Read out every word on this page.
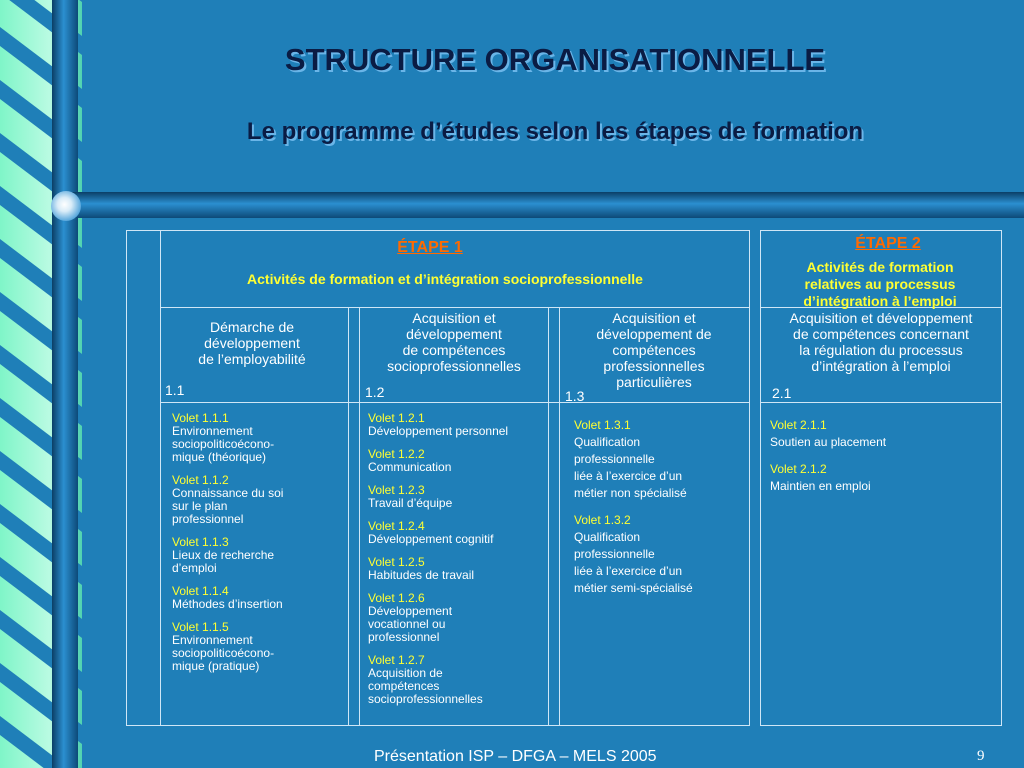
STRUCTURE ORGANISATIONNELLE
Le programme d’études selon les étapes de formation
ÉTAPE 1
Activités de formation et d’intégration socioprofessionnelle
Démarche de
développement
de l’employabilité
1.1
Acquisition et
développement
de compétences
socioprofessionnelles
1.2
Acquisition et
développement de
compétences
professionnelles
particulières
1.3
Volet 1.1.1
Environnement
sociopoliticoécono-
mique (théorique)
Volet 1.1.2
Connaissance du soi
sur le plan
professionnel
Volet 1.1.3
Lieux de recherche
d’emploi
Volet 1.1.4
Méthodes d’insertion
Volet 1.1.5
Environnement
sociopoliticoécono-
mique (pratique)
Volet 1.2.1
Développement personnel
Volet 1.2.2
Communication
Volet 1.2.3
Travail d’équipe
Volet 1.2.4
Développement cognitif
Volet 1.2.5
Habitudes de travail
Volet 1.2.6
Développement
vocationnel ou
professionnel
Volet 1.2.7
Acquisition de
compétences
socioprofessionnelles
Volet 1.3.1
Qualification
professionnelle
liée à l’exercice d’un
métier non spécialisé
Volet 1.3.2
Qualification
professionnelle
liée à l’exercice d’un
métier semi-spécialisé
ÉTAPE 2
Activités de formation
relatives au processus
d’intégration à l’emploi
Acquisition et développement
de compétences concernant
la régulation du processus
d’intégration à l’emploi
2.1
Volet 2.1.1
Soutien au placement
Volet 2.1.2
Maintien en emploi
Présentation ISP – DFGA – MELS 2005	9
